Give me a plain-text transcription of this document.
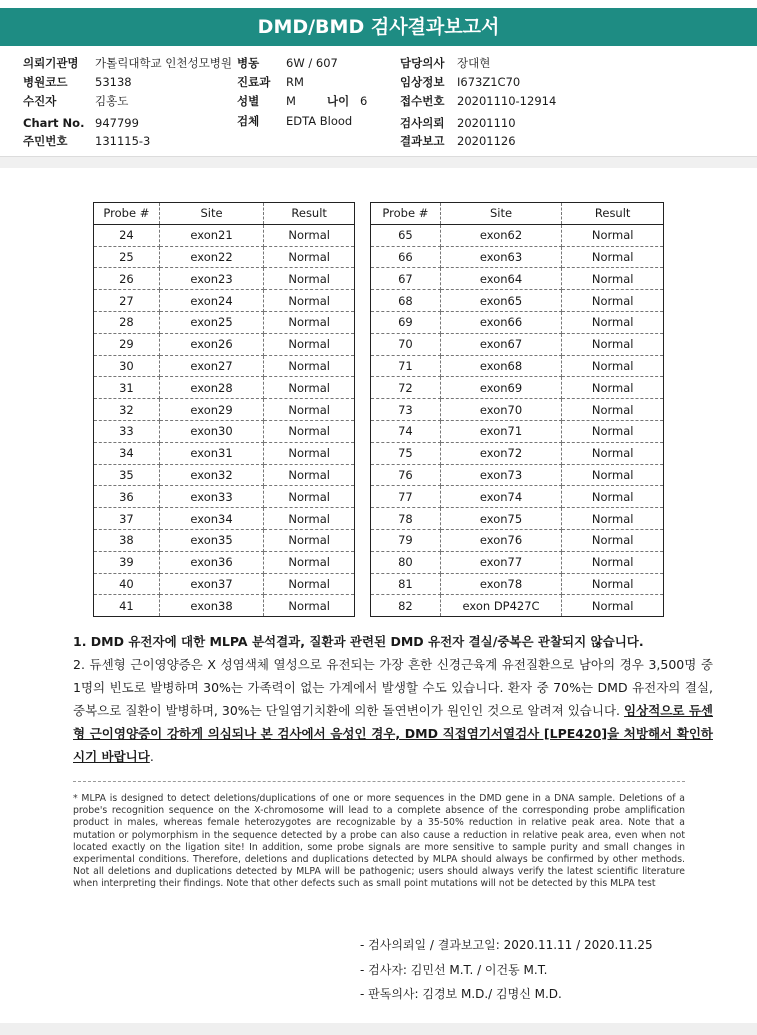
DMD/BMD 검사결과보고서
의뢰기관명 가톨릭대학교 인천성모병원 병동 6W / 607	담당의사 장대현
병원코드 53138	진료과 RM	임상정보 I673Z1C70
수진자	김홍도	성별 M	나이 6	접수번호 20201110-12914
Chart No. 947799	검체 EDTA Blood	검사의뢰 20201110
주민번호 131115-3	결과보고 20201126
Probe #	Site	Result
24	exon21	Normal
25	exon22	Normal
26	exon23	Normal
27	exon24	Normal
28	exon25	Normal
29	exon26	Normal
30	exon27	Normal
31	exon28	Normal
32	exon29	Normal
33	exon30	Normal
34	exon31	Normal
35	exon32	Normal
36	exon33	Normal
37	exon34	Normal
38	exon35	Normal
39	exon36	Normal
40	exon37	Normal
41	exon38	Normal
Probe #	Site	Result
65	exon62	Normal
66	exon63	Normal
67	exon64	Normal
68	exon65	Normal
69	exon66	Normal
70	exon67	Normal
71	exon68	Normal
72	exon69	Normal
73	exon70	Normal
74	exon71	Normal
75	exon72	Normal
76	exon73	Normal
77	exon74	Normal
78	exon75	Normal
79	exon76	Normal
80	exon77	Normal
81	exon78	Normal
82	exon DP427C	Normal

1. DMD 유전자에 대한 MLPA 분석결과, 질환과 관련된 DMD 유전자 결실/중복은 관찰되지 않습니다.

2. 듀센형 근이영양증은 X 성염색체 열성으로 유전되는 가장 흔한 신경근육계 유전질환으로 남아의 경우 3,500명 중 1명의 빈도로 발병하며 30%는 가족력이 없는 가계에서 발생할 수도 있습니다. 환자 중 70%는 DMD 유전자의 결실, 중복으로 질환이 발병하며, 30%는 단일염기치환에 의한 돌연변이가 원인인 것으로 알려져 있습니다. 임상적으로 듀센형 근이영양증이 강하게 의심되나 본 검사에서 음성인 경우, DMD 직접염기서열검사 [LPE420]을 처방해서 확인하시기 바랍니다.

* MLPA is designed to detect deletions/duplications of one or more sequences in the DMD gene in a DNA sample. Deletions of a probe's recognition sequence on the X-chromosome will lead to a complete absence of the corresponding probe amplification product in males, whereas female heterozygotes are recognizable by a 35-50% reduction in relative peak area. Note that a mutation or polymorphism in the sequence detected by a probe can also cause a reduction in relative peak area, even when not located exactly on the ligation site! In addition, some probe signals are more sensitive to sample purity and small changes in experimental conditions. Therefore, deletions and duplications detected by MLPA should always be confirmed by other methods. Not all deletions and duplications detected by MLPA will be pathogenic; users should always verify the latest scientific literature when interpreting their findings. Note that other defects such as small point mutations will not be detected by this MLPA test
- 검사의뢰일 / 결과보고일: 2020.11.11 / 2020.11.25
- 검사자: 김민선 M.T. / 이건동 M.T.
- 판독의사: 김경보 M.D./ 김명신 M.D.
